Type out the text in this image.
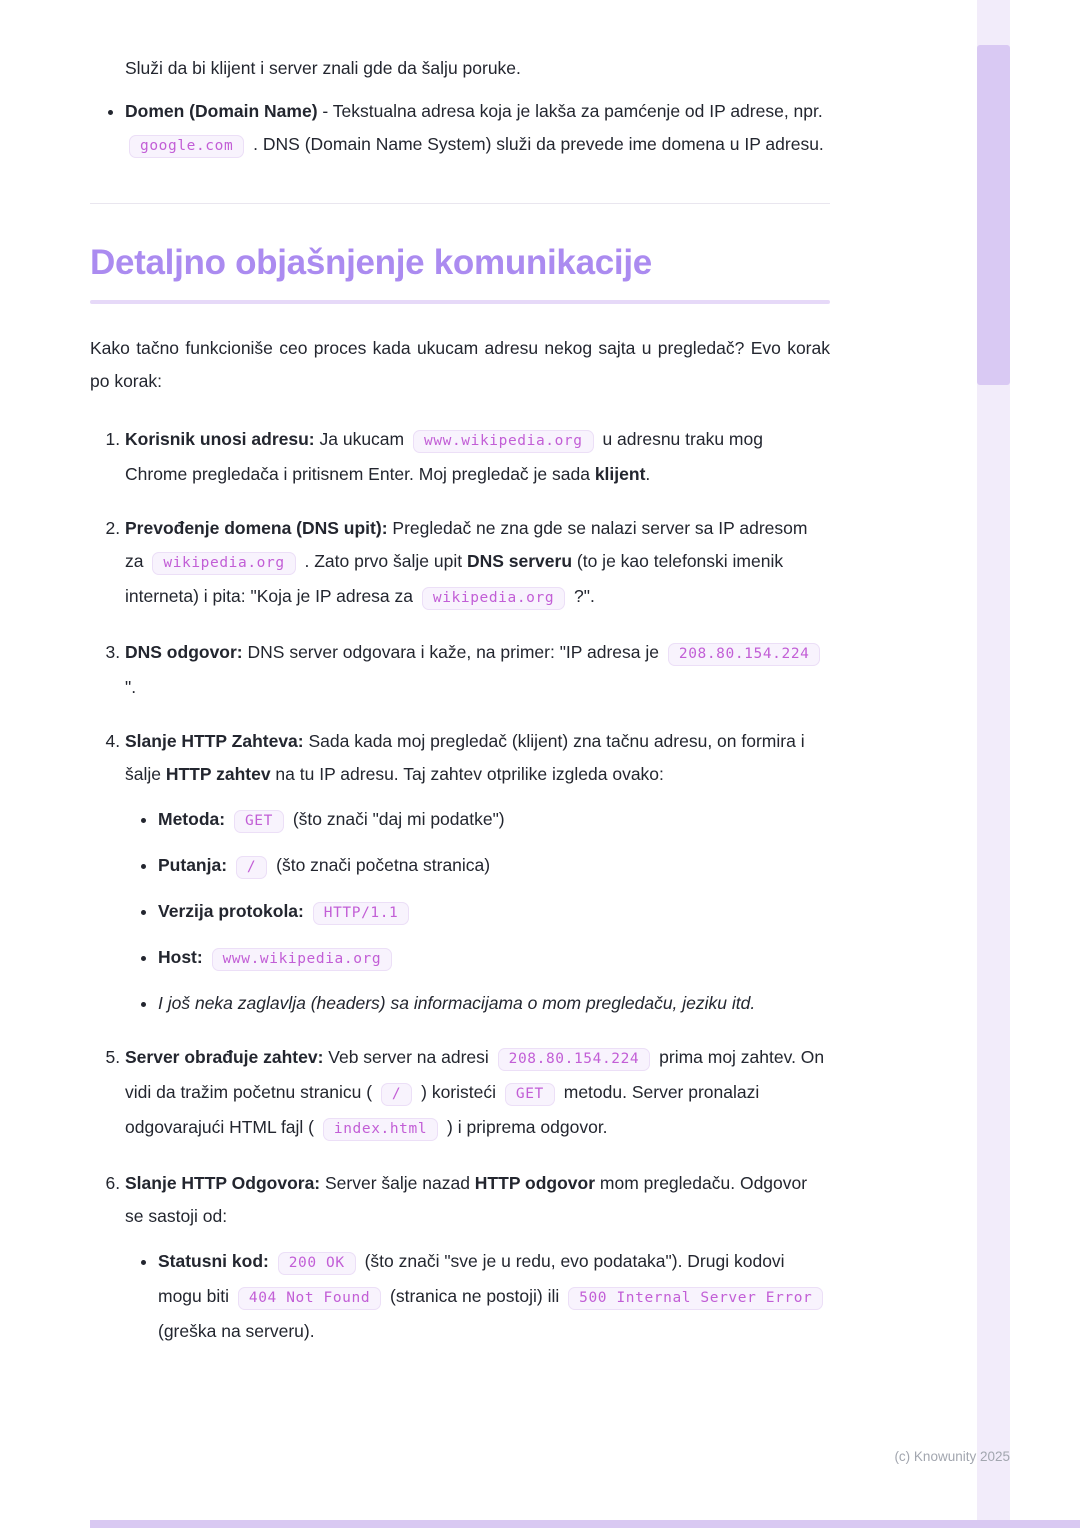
Služi da bi klijent i server znali gde da šalju poruke.

• Domen (Domain Name) - Tekstualna adresa koja je lakša za pamćenje od IP adrese, npr. google.com . DNS (Domain Name System) služi da prevede ime domena u IP adresu.
Detaljno objašnjenje komunikacije

Kako tačno funkcioniše ceo proces kada ukucam adresu nekog sajta u pregledač? Evo korak po korak:

1. Korisnik unosi adresu: Ja ukucam www.wikipedia.org u adresnu traku mog Chrome pregledača i pritisnem Enter. Moj pregledač je sada klijent.
2. Prevođenje domena (DNS upit): Pregledač ne zna gde se nalazi server sa IP adresom za wikipedia.org . Zato prvo šalje upit DNS serveru (to je kao telefonski imenik interneta) i pita: "Koja je IP adresa za wikipedia.org ?".
3. DNS odgovor: DNS server odgovara i kaže, na primer: "IP adresa je 208.80.154.224 ".
4. Slanje HTTP Zahteva: Sada kada moj pregledač (klijent) zna tačnu adresu, on formira i šalje HTTP zahtev na tu IP adresu. Taj zahtev otprilike izgleda ovako:
• Metoda: GET (što znači "daj mi podatke")
• Putanja: / (što znači početna stranica)
• Verzija protokola: HTTP/1.1
• Host: www.wikipedia.org
• I još neka zaglavlja (headers) sa informacijama o mom pregledaču, jeziku itd.
5. Server obrađuje zahtev: Veb server na adresi 208.80.154.224 prima moj zahtev. On vidi da tražim početnu stranicu ( / ) koristeći GET metodu. Server pronalazi odgovarajući HTML fajl ( index.html ) i priprema odgovor.
6. Slanje HTTP Odgovora: Server šalje nazad HTTP odgovor mom pregledaču. Odgovor se sastoji od:
• Statusni kod: 200 OK (što znači "sve je u redu, evo podataka"). Drugi kodovi mogu biti 404 Not Found (stranica ne postoji) ili 500 Internal Server Error (greška na serveru).
(c) Knowunity 2025
